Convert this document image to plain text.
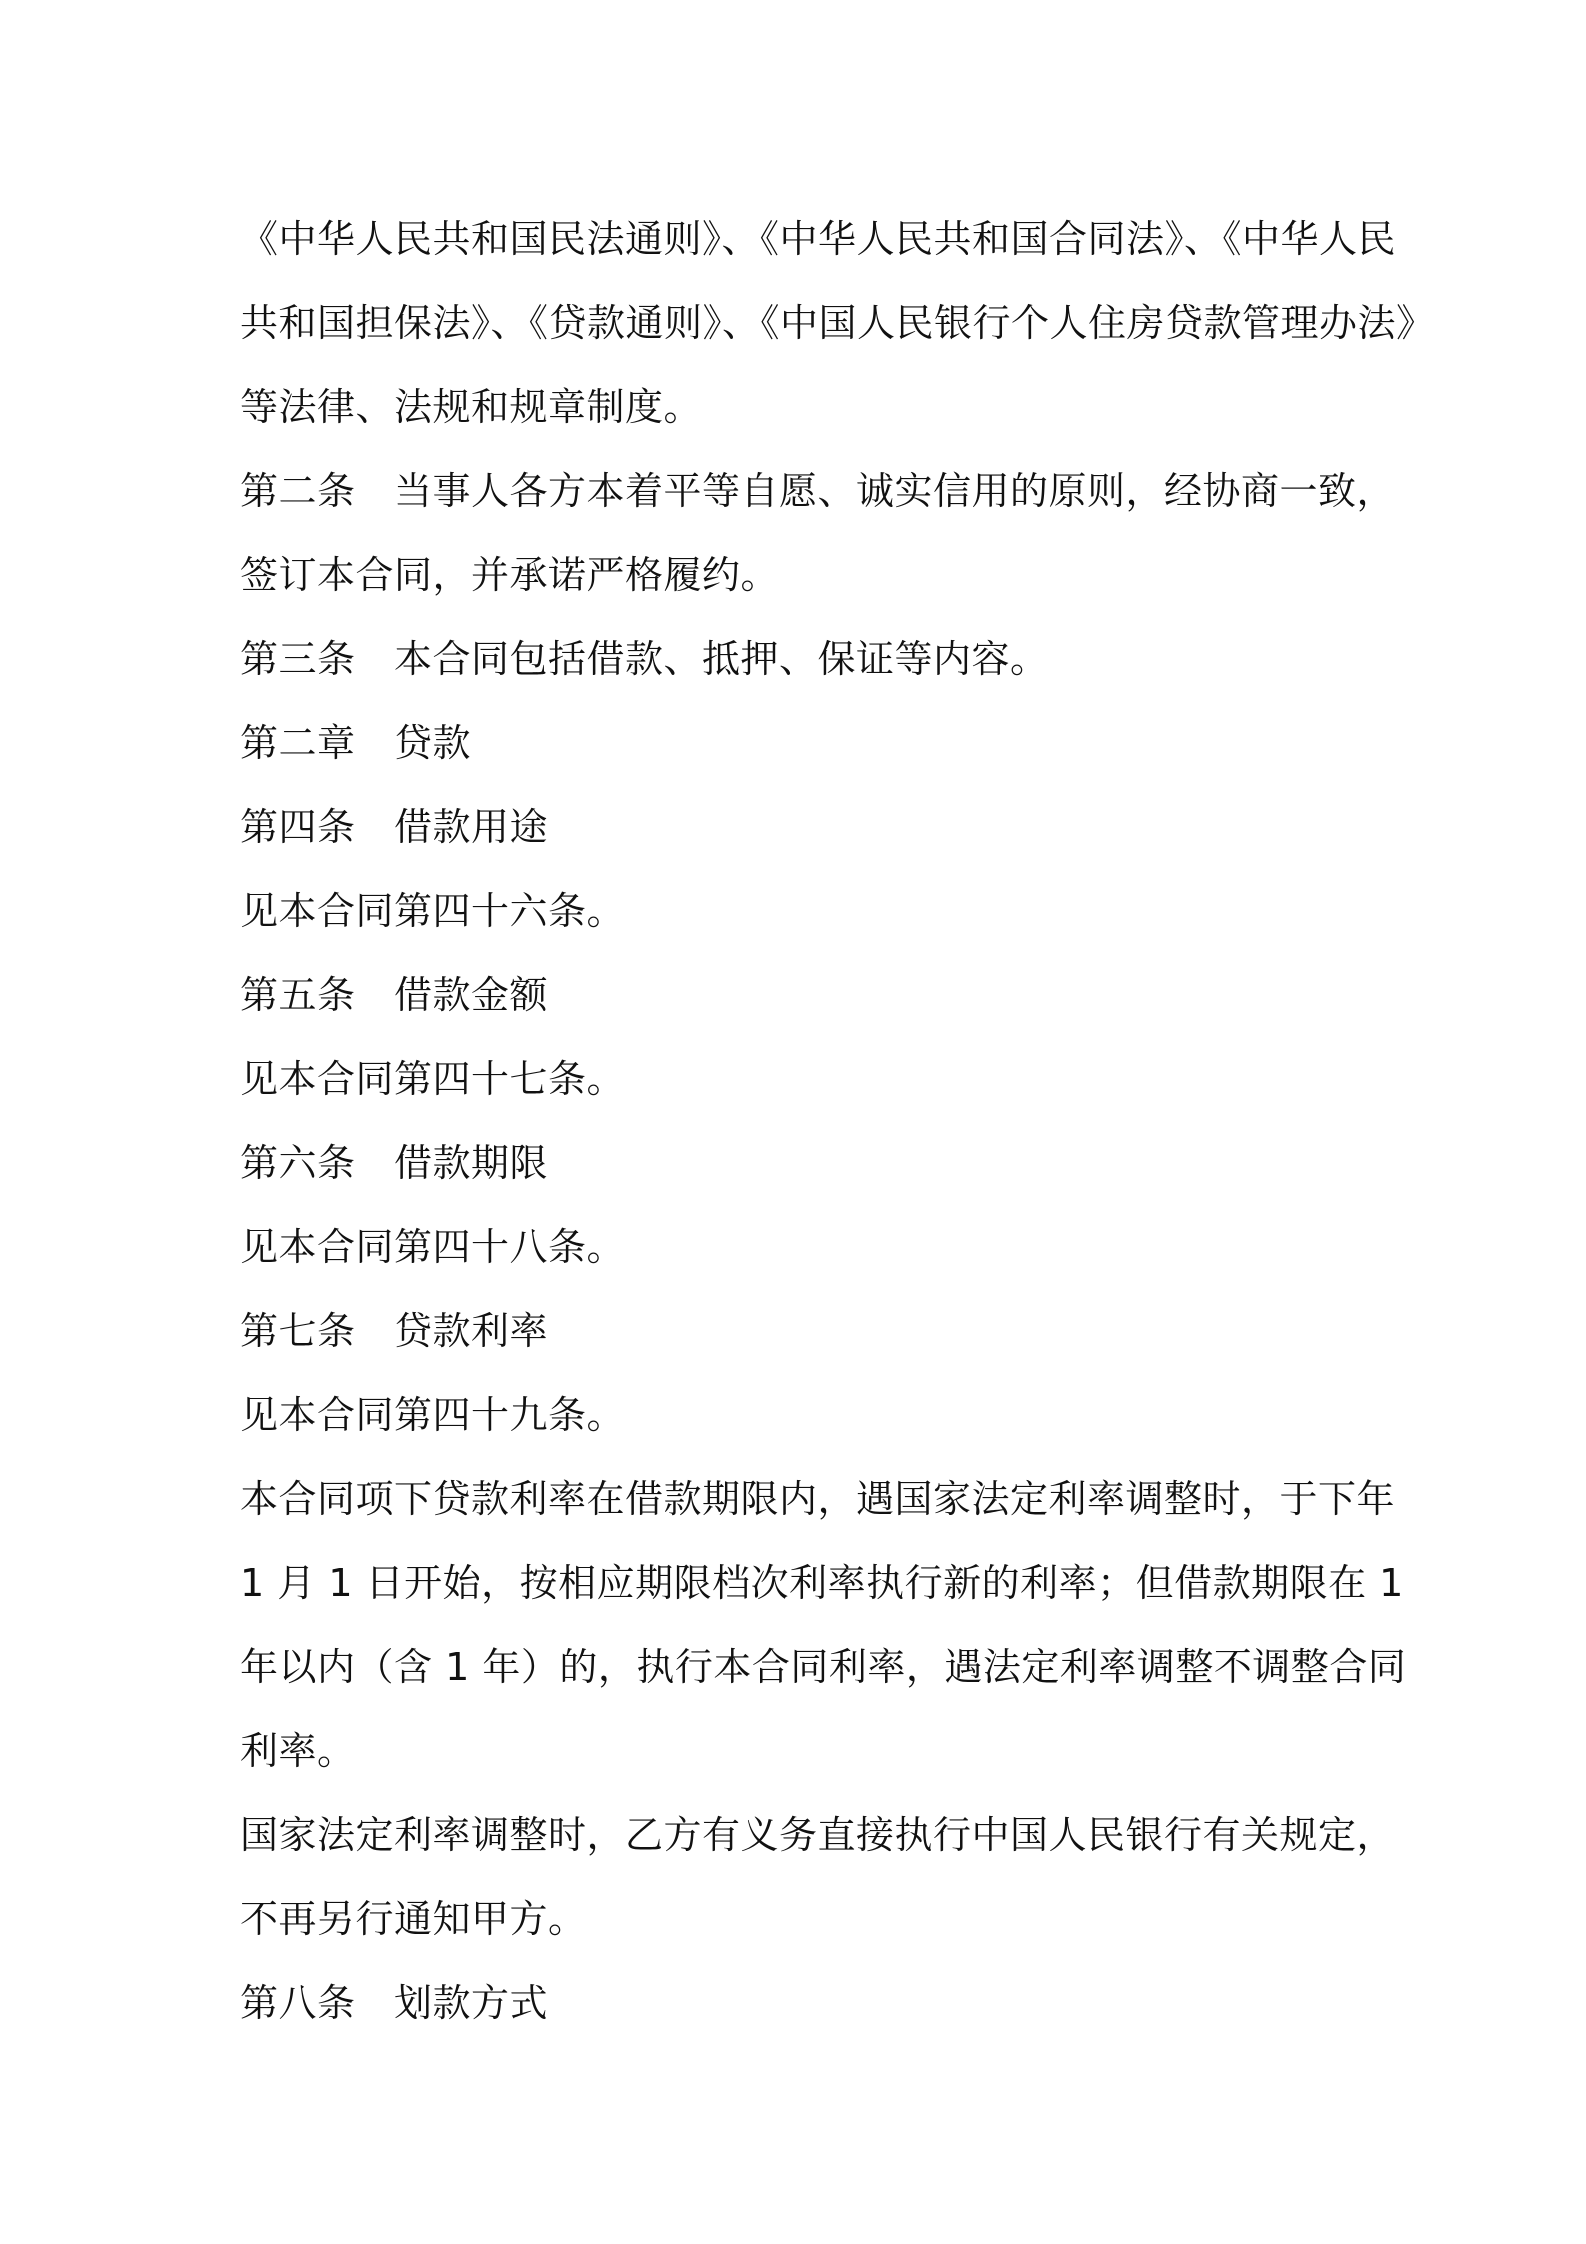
《中华人民共和国民法通则》、《中华人民共和国合同法》、《中华人民
共和国担保法》、《贷款通则》、《中国人民银行个人住房贷款管理办法》
等法律、法规和规章制度。
第二条　当事人各方本着平等自愿、诚实信用的原则，经协商一致，
签订本合同，并承诺严格履约。
第三条　本合同包括借款、抵押、保证等内容。
第二章　贷款
第四条　借款用途
见本合同第四十六条。
第五条　借款金额
见本合同第四十七条。
第六条　借款期限
见本合同第四十八条。
第七条　贷款利率
见本合同第四十九条。
本合同项下贷款利率在借款期限内，遇国家法定利率调整时，于下年
1 月 1 日开始，按相应期限档次利率执行新的利率；但借款期限在 1
年以内（含 1 年）的，执行本合同利率，遇法定利率调整不调整合同
利率。
国家法定利率调整时，乙方有义务直接执行中国人民银行有关规定，
不再另行通知甲方。
第八条　划款方式
